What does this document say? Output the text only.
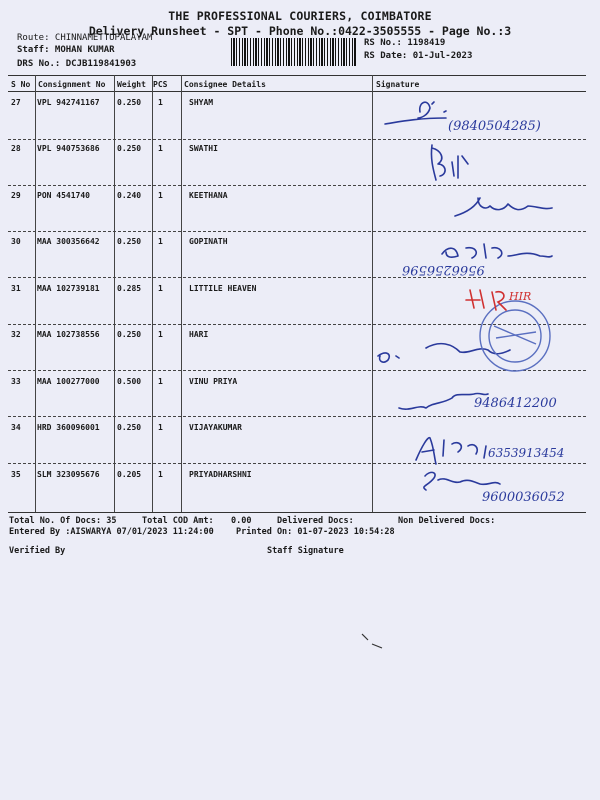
THE PROFESSIONAL COURIERS, COIMBATORE
Delivery Runsheet - SPT - Phone No.:0422-3505555 - Page No.:3
Route: CHINNAMETTUPALAYAM
Staff: MOHAN KUMAR
DRS No.: DCJB119841903
RS No.: 1198419
RS Date: 01-Jul-2023
S No Consignment No Weight PCS Consignee Details	Signature
27 VPL 942741167 0.250 1	SHYAM
28 VPL 940753686 0.250 1	SWATHI
29 PON 4541740	0.240 1	KEETHANA
30 MAA 300356642 0.250 1	GOPINATH
31 MAA 102739181 0.285 1	LITTILE HEAVEN
32 MAA 102738556 0.250 1	HARI
33 MAA 100277000 0.500 1	VINU PRIYA
34 HRD 360096001 0.250 1	VIJAYAKUMAR
35 SLM 323095676 0.205 1	PRIYADHARSHNI
Total No. Of Docs: 35	Total COD Amt: 0.00	Delivered Docs:	Non Delivered Docs:
Entered By :AISWARYA 07/01/2023 11:24:00	Printed On: 01-07-2023 10:54:28
Verified By	Staff Signature
(9840504285)
9566256596
HIR
9486412200
6353913454
9600036052
